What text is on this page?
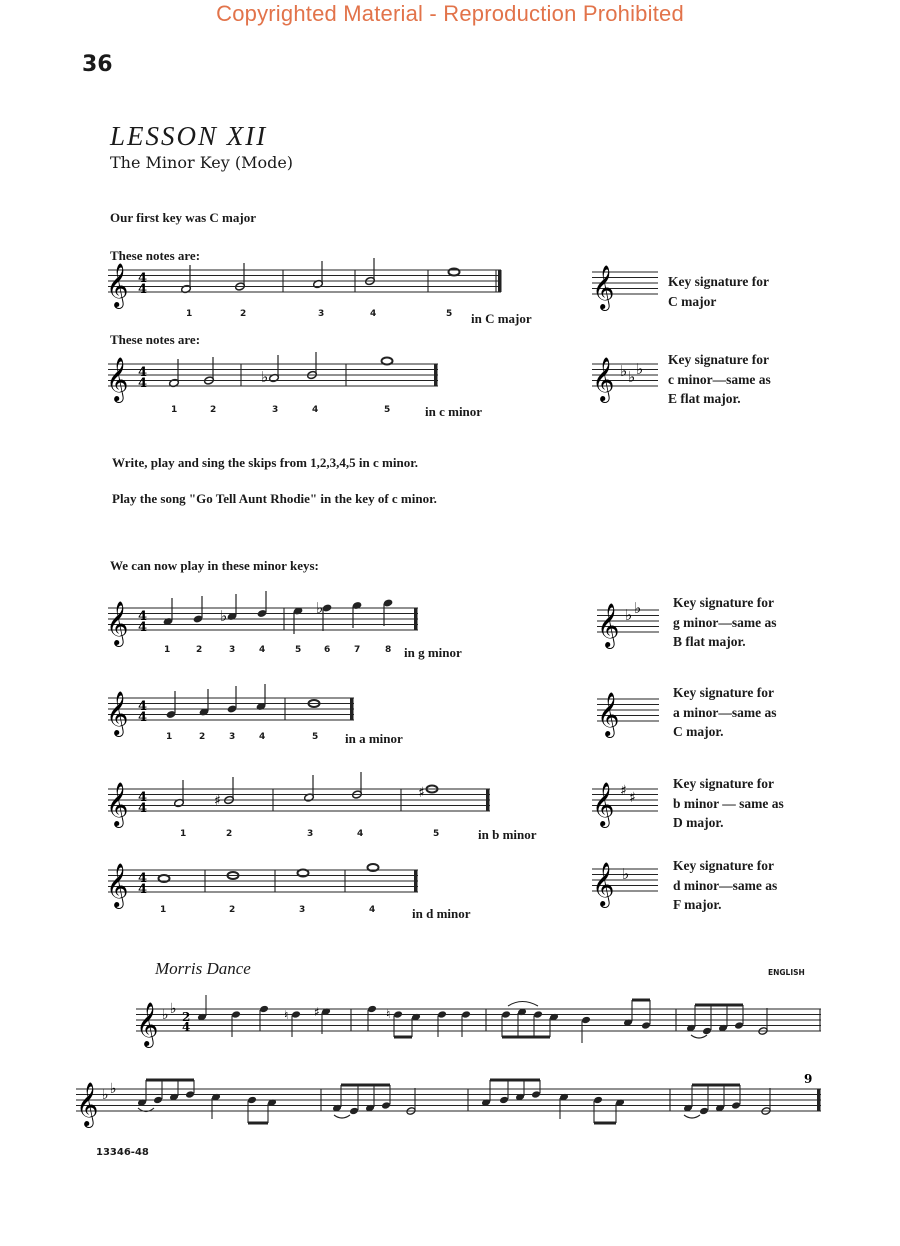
Copyrighted Material - Reproduction Prohibited
36
LESSON XII
The Minor Key (Mode)
Our first key was C major
These notes are:
𝄞 4
4
1	2	3	4	5 in C major
𝄞	Key signature for
C major
These notes are:
𝄞 4
4	♭
1	2	3	4	5	in c minor
𝄞 ♭ ♭ ♭
Key signature for
c minor—same as
E flat major.
Write, play and sing the skips from 1,2,3,4,5 in c minor.
Play the song "Go Tell Aunt Rhodie" in the key of c minor.
We can now play in these minor keys:
𝄞 4
4
♭	♭
1	2	3	4	5	6	7	8 in g minor
𝄞 ♭ ♭ Key signature for
g minor—same as
B flat major.
𝄞 4
4
1	2	3	4	5 in a minor
𝄞	Key signature for
a minor—same as
C major.
𝄞 4
4	♯	♯
1	2	3	4	5	in b minor
𝄞 ♯ ♯
Key signature for
b minor — same as
D major.
𝄞 4
4
1	2	3	4	in d minor
𝄞 ♭	Key signature for
d minor—same as
F major.
Morris Dance	ENGLISH
𝄞 ♭ ♭ 2
4
♮ ♯	♮
𝄞 ♭ ♭
9
13346-48
